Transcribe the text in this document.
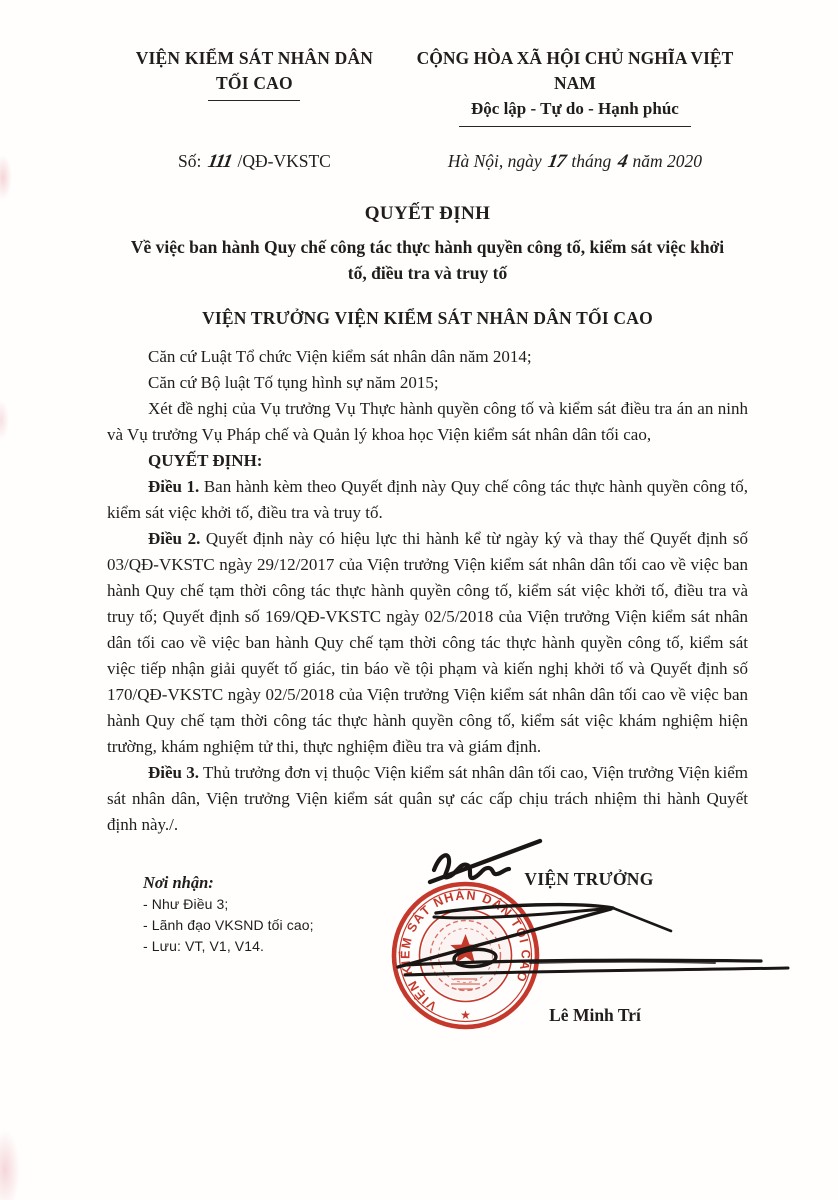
VIỆN KIỂM SÁT NHÂN DÂN
TỐI CAO
CỘNG HÒA XÃ HỘI CHỦ NGHĨA VIỆT NAM
Độc lập - Tự do - Hạnh phúc
Số: 111 /QĐ-VKSTC	Hà Nội, ngày 17 tháng 4 năm 2020
QUYẾT ĐỊNH
Về việc ban hành Quy chế công tác thực hành quyền công tố, kiểm sát việc khởi tố, điều tra và truy tố
VIỆN TRƯỞNG VIỆN KIỂM SÁT NHÂN DÂN TỐI CAO

Căn cứ Luật Tổ chức Viện kiểm sát nhân dân năm 2014;

Căn cứ Bộ luật Tố tụng hình sự năm 2015;

Xét đề nghị của Vụ trưởng Vụ Thực hành quyền công tố và kiểm sát điều tra án an ninh và Vụ trưởng Vụ Pháp chế và Quản lý khoa học Viện kiểm sát nhân dân tối cao,

QUYẾT ĐỊNH:

Điều 1. Ban hành kèm theo Quyết định này Quy chế công tác thực hành quyền công tố, kiểm sát việc khởi tố, điều tra và truy tố.

Điều 2. Quyết định này có hiệu lực thi hành kể từ ngày ký và thay thế Quyết định số 03/QĐ-VKSTC ngày 29/12/2017 của Viện trưởng Viện kiểm sát nhân dân tối cao về việc ban hành Quy chế tạm thời công tác thực hành quyền công tố, kiểm sát việc khởi tố, điều tra và truy tố; Quyết định số 169/QĐ-VKSTC ngày 02/5/2018 của Viện trưởng Viện kiểm sát nhân dân tối cao về việc ban hành Quy chế tạm thời công tác thực hành quyền công tố, kiểm sát việc tiếp nhận giải quyết tố giác, tin báo về tội phạm và kiến nghị khởi tố và Quyết định số 170/QĐ-VKSTC ngày 02/5/2018 của Viện trưởng Viện kiểm sát nhân dân tối cao về việc ban hành Quy chế tạm thời công tác thực hành quyền công tố, kiểm sát việc khám nghiệm hiện trường, khám nghiệm tử thi, thực nghiệm điều tra và giám định.

Điều 3. Thủ trưởng đơn vị thuộc Viện kiểm sát nhân dân tối cao, Viện trưởng Viện kiểm sát nhân dân, Viện trưởng Viện kiểm sát quân sự các cấp chịu trách nhiệm thi hành Quyết định này./.

Nơi nhận:
- Như Điều 3;
- Lãnh đạo VKSND tối cao;
- Lưu: VT, V1, V14.
VIỆN TRƯỞNG
Lê Minh Trí
VIỆN KIỂM SÁT NHÂN DÂN TỐI CAO
★
